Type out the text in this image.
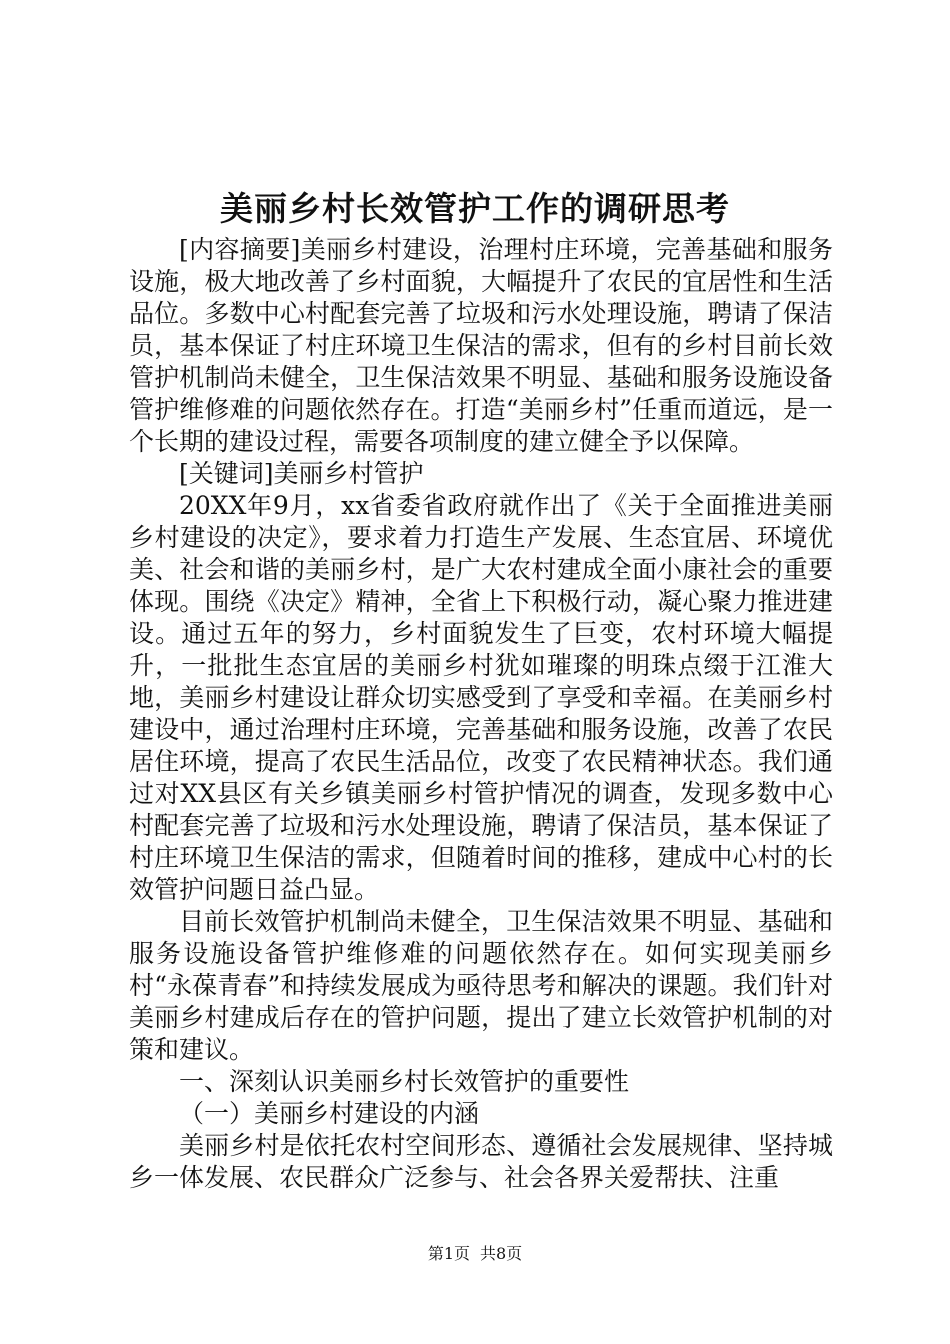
美丽乡村长效管护工作的调研思考

[内容摘要]美丽乡村建设，治理村庄环境，完善基础和服务设施，极大地改善了乡村面貌，大幅提升了农民的宜居性和生活品位。多数中心村配套完善了垃圾和污水处理设施，聘请了保洁员，基本保证了村庄环境卫生保洁的需求，但有的乡村目前长效管护机制尚未健全，卫生保洁效果不明显、基础和服务设施设备管护维修难的问题依然存在。打造“美丽乡村”任重而道远，是一个长期的建设过程，需要各项制度的建立健全予以保障。

[关键词]美丽乡村管护

20XX年9月，xx省委省政府就作出了《关于全面推进美丽乡村建设的决定》，要求着力打造生产发展、生态宜居、环境优美、社会和谐的美丽乡村，是广大农村建成全面小康社会的重要体现。围绕《决定》精神，全省上下积极行动，凝心聚力推进建设。通过五年的努力，乡村面貌发生了巨变，农村环境大幅提升，一批批生态宜居的美丽乡村犹如璀璨的明珠点缀于江淮大地，美丽乡村建设让群众切实感受到了享受和幸福。在美丽乡村建设中，通过治理村庄环境，完善基础和服务设施，改善了农民居住环境，提高了农民生活品位，改变了农民精神状态。我们通过对XX县区有关乡镇美丽乡村管护情况的调查，发现多数中心村配套完善了垃圾和污水处理设施，聘请了保洁员，基本保证了村庄环境卫生保洁的需求，但随着时间的推移，建成中心村的长效管护问题日益凸显。

目前长效管护机制尚未健全，卫生保洁效果不明显、基础和服务设施设备管护维修难的问题依然存在。如何实现美丽乡村“永葆青春”和持续发展成为亟待思考和解决的课题。我们针对美丽乡村建成后存在的管护问题，提出了建立长效管护机制的对策和建议。

一、深刻认识美丽乡村长效管护的重要性

（一）美丽乡村建设的内涵

美丽乡村是依托农村空间形态、遵循社会发展规律、坚持城乡一体发展、农民群众广泛参与、社会各界关爱帮扶、注重

第1页 共8页
